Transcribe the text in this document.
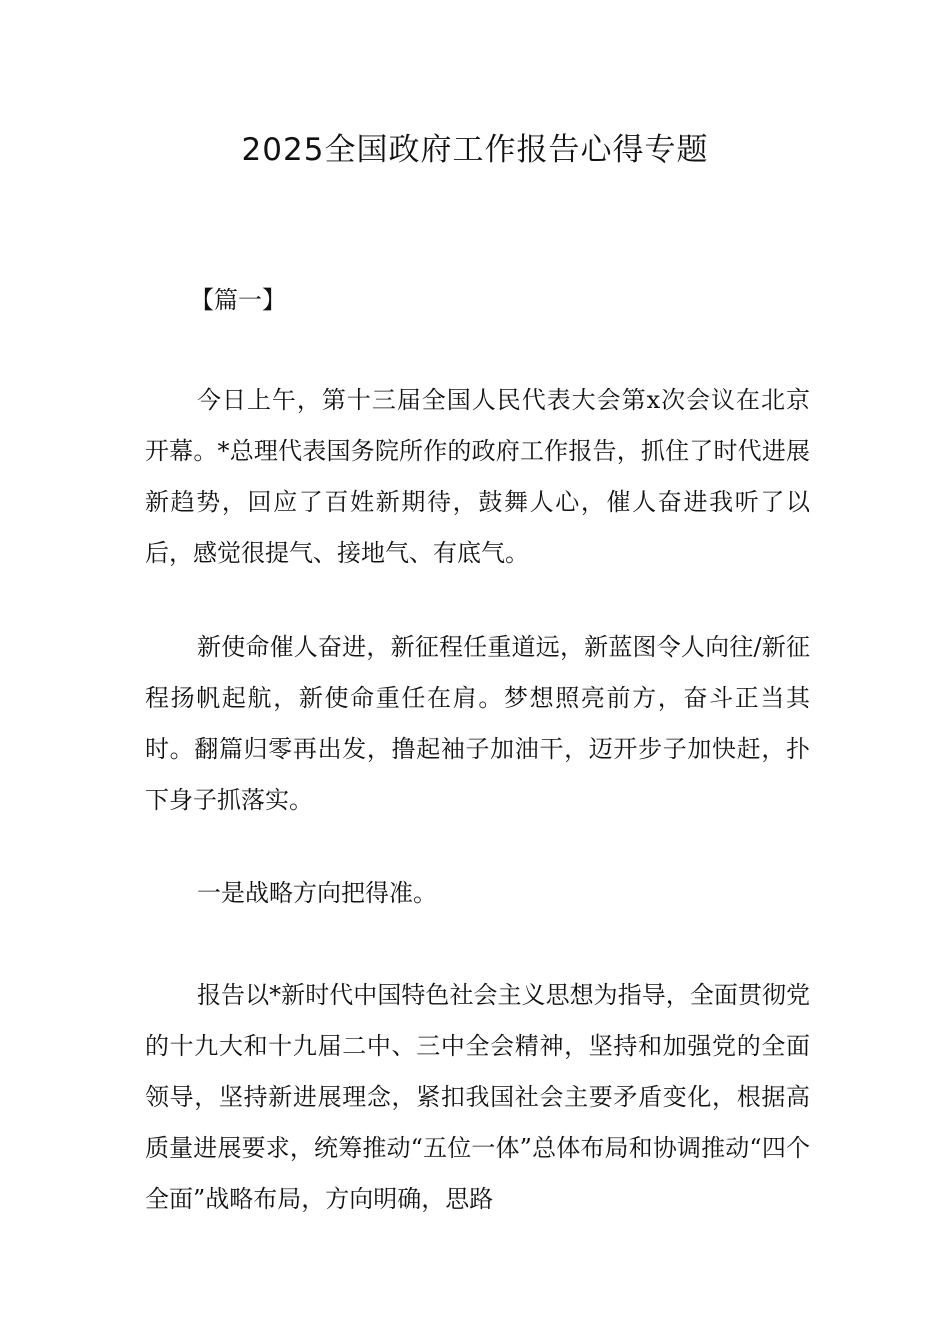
2025全国政府工作报告心得专题

【篇一】

今日上午，第十三届全国人民代表大会第x次会议在北京开幕。*总理代表国务院所作的政府工作报告，抓住了时代进展新趋势，回应了百姓新期待，鼓舞人心，催人奋进我听了以后，感觉很提气、接地气、有底气。

新使命催人奋进，新征程任重道远，新蓝图令人向往/新征程扬帆起航，新使命重任在肩。梦想照亮前方，奋斗正当其时。翻篇归零再出发，撸起袖子加油干，迈开步子加快赶，扑下身子抓落实。

一是战略方向把得准。

报告以*新时代中国特色社会主义思想为指导，全面贯彻党的十九大和十九届二中、三中全会精神，坚持和加强党的全面领导，坚持新进展理念，紧扣我国社会主要矛盾变化，根据高质量进展要求，统筹推动“五位一体”总体布局和协调推动“四个全面”战略布局，方向明确，思路
